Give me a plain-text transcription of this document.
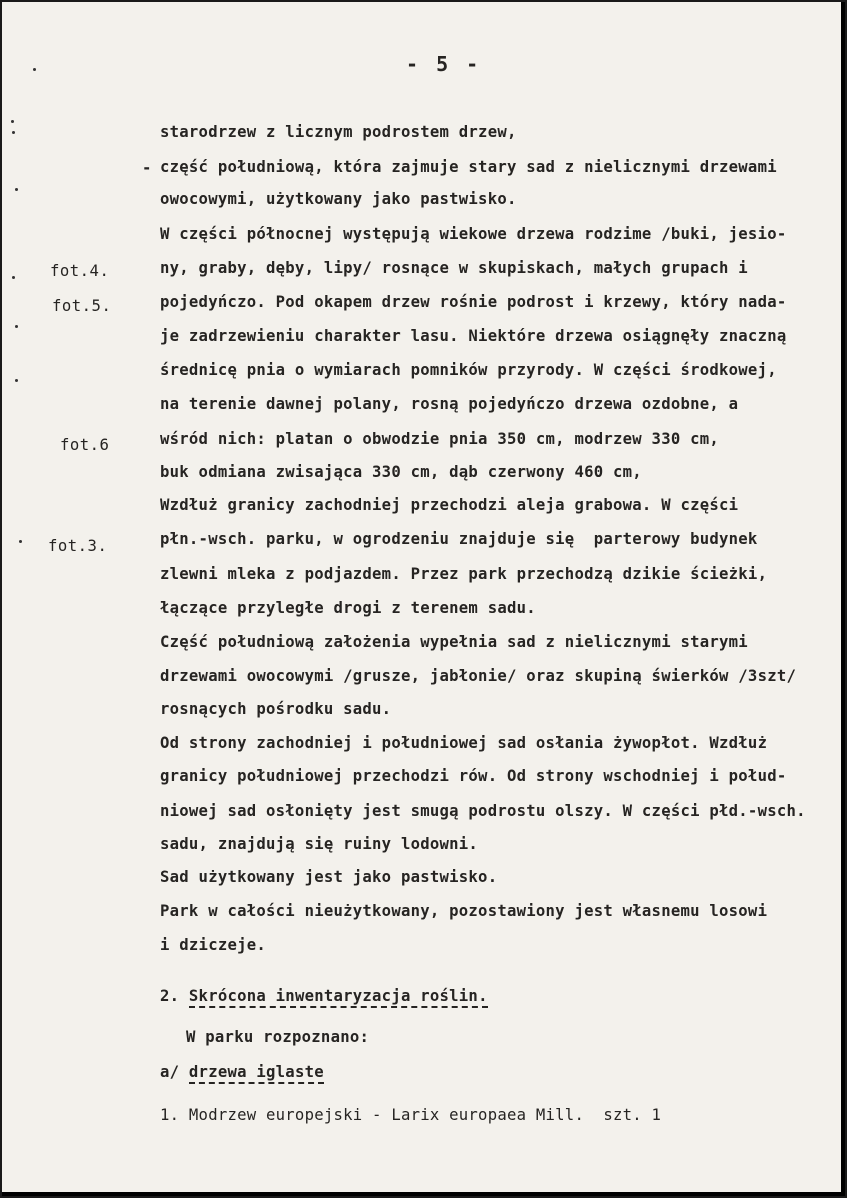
- 5 -
fot.4.
fot.5.
fot.6
fot.3.
-
starodrzew z licznym podrostem drzew,
część południową, która zajmuje stary sad z nielicznymi drzewami
owocowymi, użytkowany jako pastwisko.
W części północnej występują wiekowe drzewa rodzime /buki, jesio-
ny, graby, dęby, lipy/ rosnące w skupiskach, małych grupach i
pojedyńczo. Pod okapem drzew rośnie podrost i krzewy, który nada-
je zadrzewieniu charakter lasu. Niektóre drzewa osiągnęły znaczną
średnicę pnia o wymiarach pomników przyrody. W części środkowej,
na terenie dawnej polany, rosną pojedyńczo drzewa ozdobne, a
wśród nich: platan o obwodzie pnia 350 cm, modrzew 330 cm,
buk odmiana zwisająca 330 cm, dąb czerwony 460 cm,
Wzdłuż granicy zachodniej przechodzi aleja grabowa. W części
płn.-wsch. parku, w ogrodzeniu znajduje się  parterowy budynek
zlewni mleka z podjazdem. Przez park przechodzą dzikie ścieżki,
łączące przyległe drogi z terenem sadu.
Część południową założenia wypełnia sad z nielicznymi starymi
drzewami owocowymi /grusze, jabłonie/ oraz skupiną świerków /3szt/
rosnących pośrodku sadu.
Od strony zachodniej i południowej sad osłania żywopłot. Wzdłuż
granicy południowej przechodzi rów. Od strony wschodniej i połud-
niowej sad osłonięty jest smugą podrostu olszy. W części płd.-wsch.
sadu, znajdują się ruiny lodowni.
Sad użytkowany jest jako pastwisko.
Park w całości nieużytkowany, pozostawiony jest własnemu losowi
i dziczeje.
2. Skrócona inwentaryzacja roślin.
W parku rozpoznano:
a/ drzewa iglaste
1. Modrzew europejski - Larix europaea Mill.  szt. 1
